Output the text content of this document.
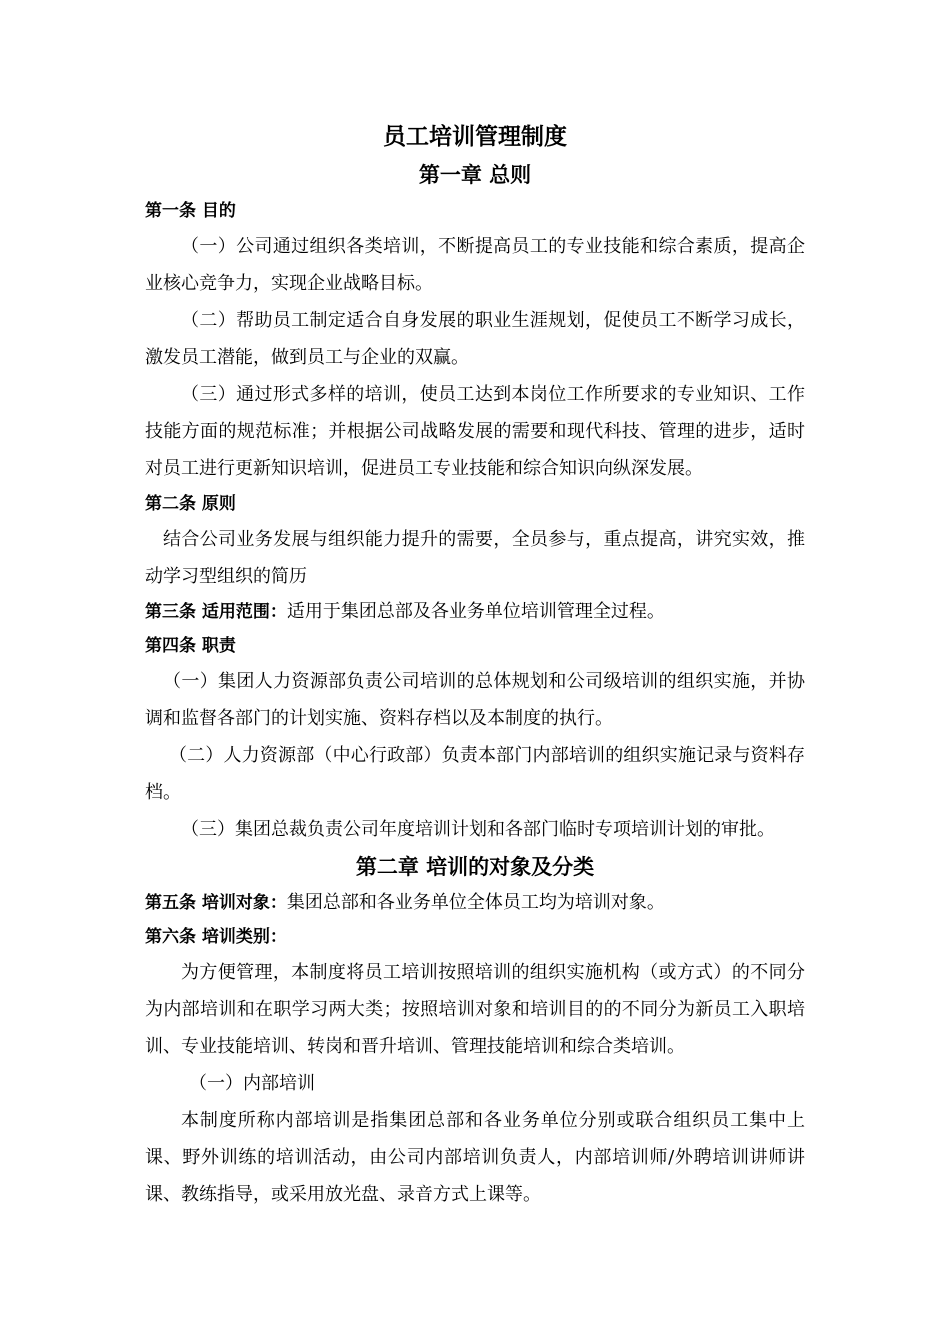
员工培训管理制度
第一章 总则

第一条 目的

（一）公司通过组织各类培训，不断提高员工的专业技能和综合素质，提高企业核心竞争力，实现企业战略目标。

（二）帮助员工制定适合自身发展的职业生涯规划，促使员工不断学习成长，激发员工潜能，做到员工与企业的双赢。

（三）通过形式多样的培训，使员工达到本岗位工作所要求的专业知识、工作技能方面的规范标准；并根据公司战略发展的需要和现代科技、管理的进步，适时对员工进行更新知识培训，促进员工专业技能和综合知识向纵深发展。

第二条 原则

结合公司业务发展与组织能力提升的需要，全员参与，重点提高，讲究实效，推动学习型组织的简历

第三条 适用范围：适用于集团总部及各业务单位培训管理全过程。

第四条 职责

（一）集团人力资源部负责公司培训的总体规划和公司级培训的组织实施，并协调和监督各部门的计划实施、资料存档以及本制度的执行。

（二）人力资源部（中心行政部）负责本部门内部培训的组织实施记录与资料存档。

（三）集团总裁负责公司年度培训计划和各部门临时专项培训计划的审批。

第二章 培训的对象及分类

第五条 培训对象：集团总部和各业务单位全体员工均为培训对象。

第六条 培训类别：

为方便管理，本制度将员工培训按照培训的组织实施机构（或方式）的不同分为内部培训和在职学习两大类；按照培训对象和培训目的的不同分为新员工入职培训、专业技能培训、转岗和晋升培训、管理技能培训和综合类培训。

（一）内部培训

本制度所称内部培训是指集团总部和各业务单位分别或联合组织员工集中上课、野外训练的培训活动，由公司内部培训负责人，内部培训师/外聘培训讲师讲课、教练指导，或采用放光盘、录音方式上课等。
